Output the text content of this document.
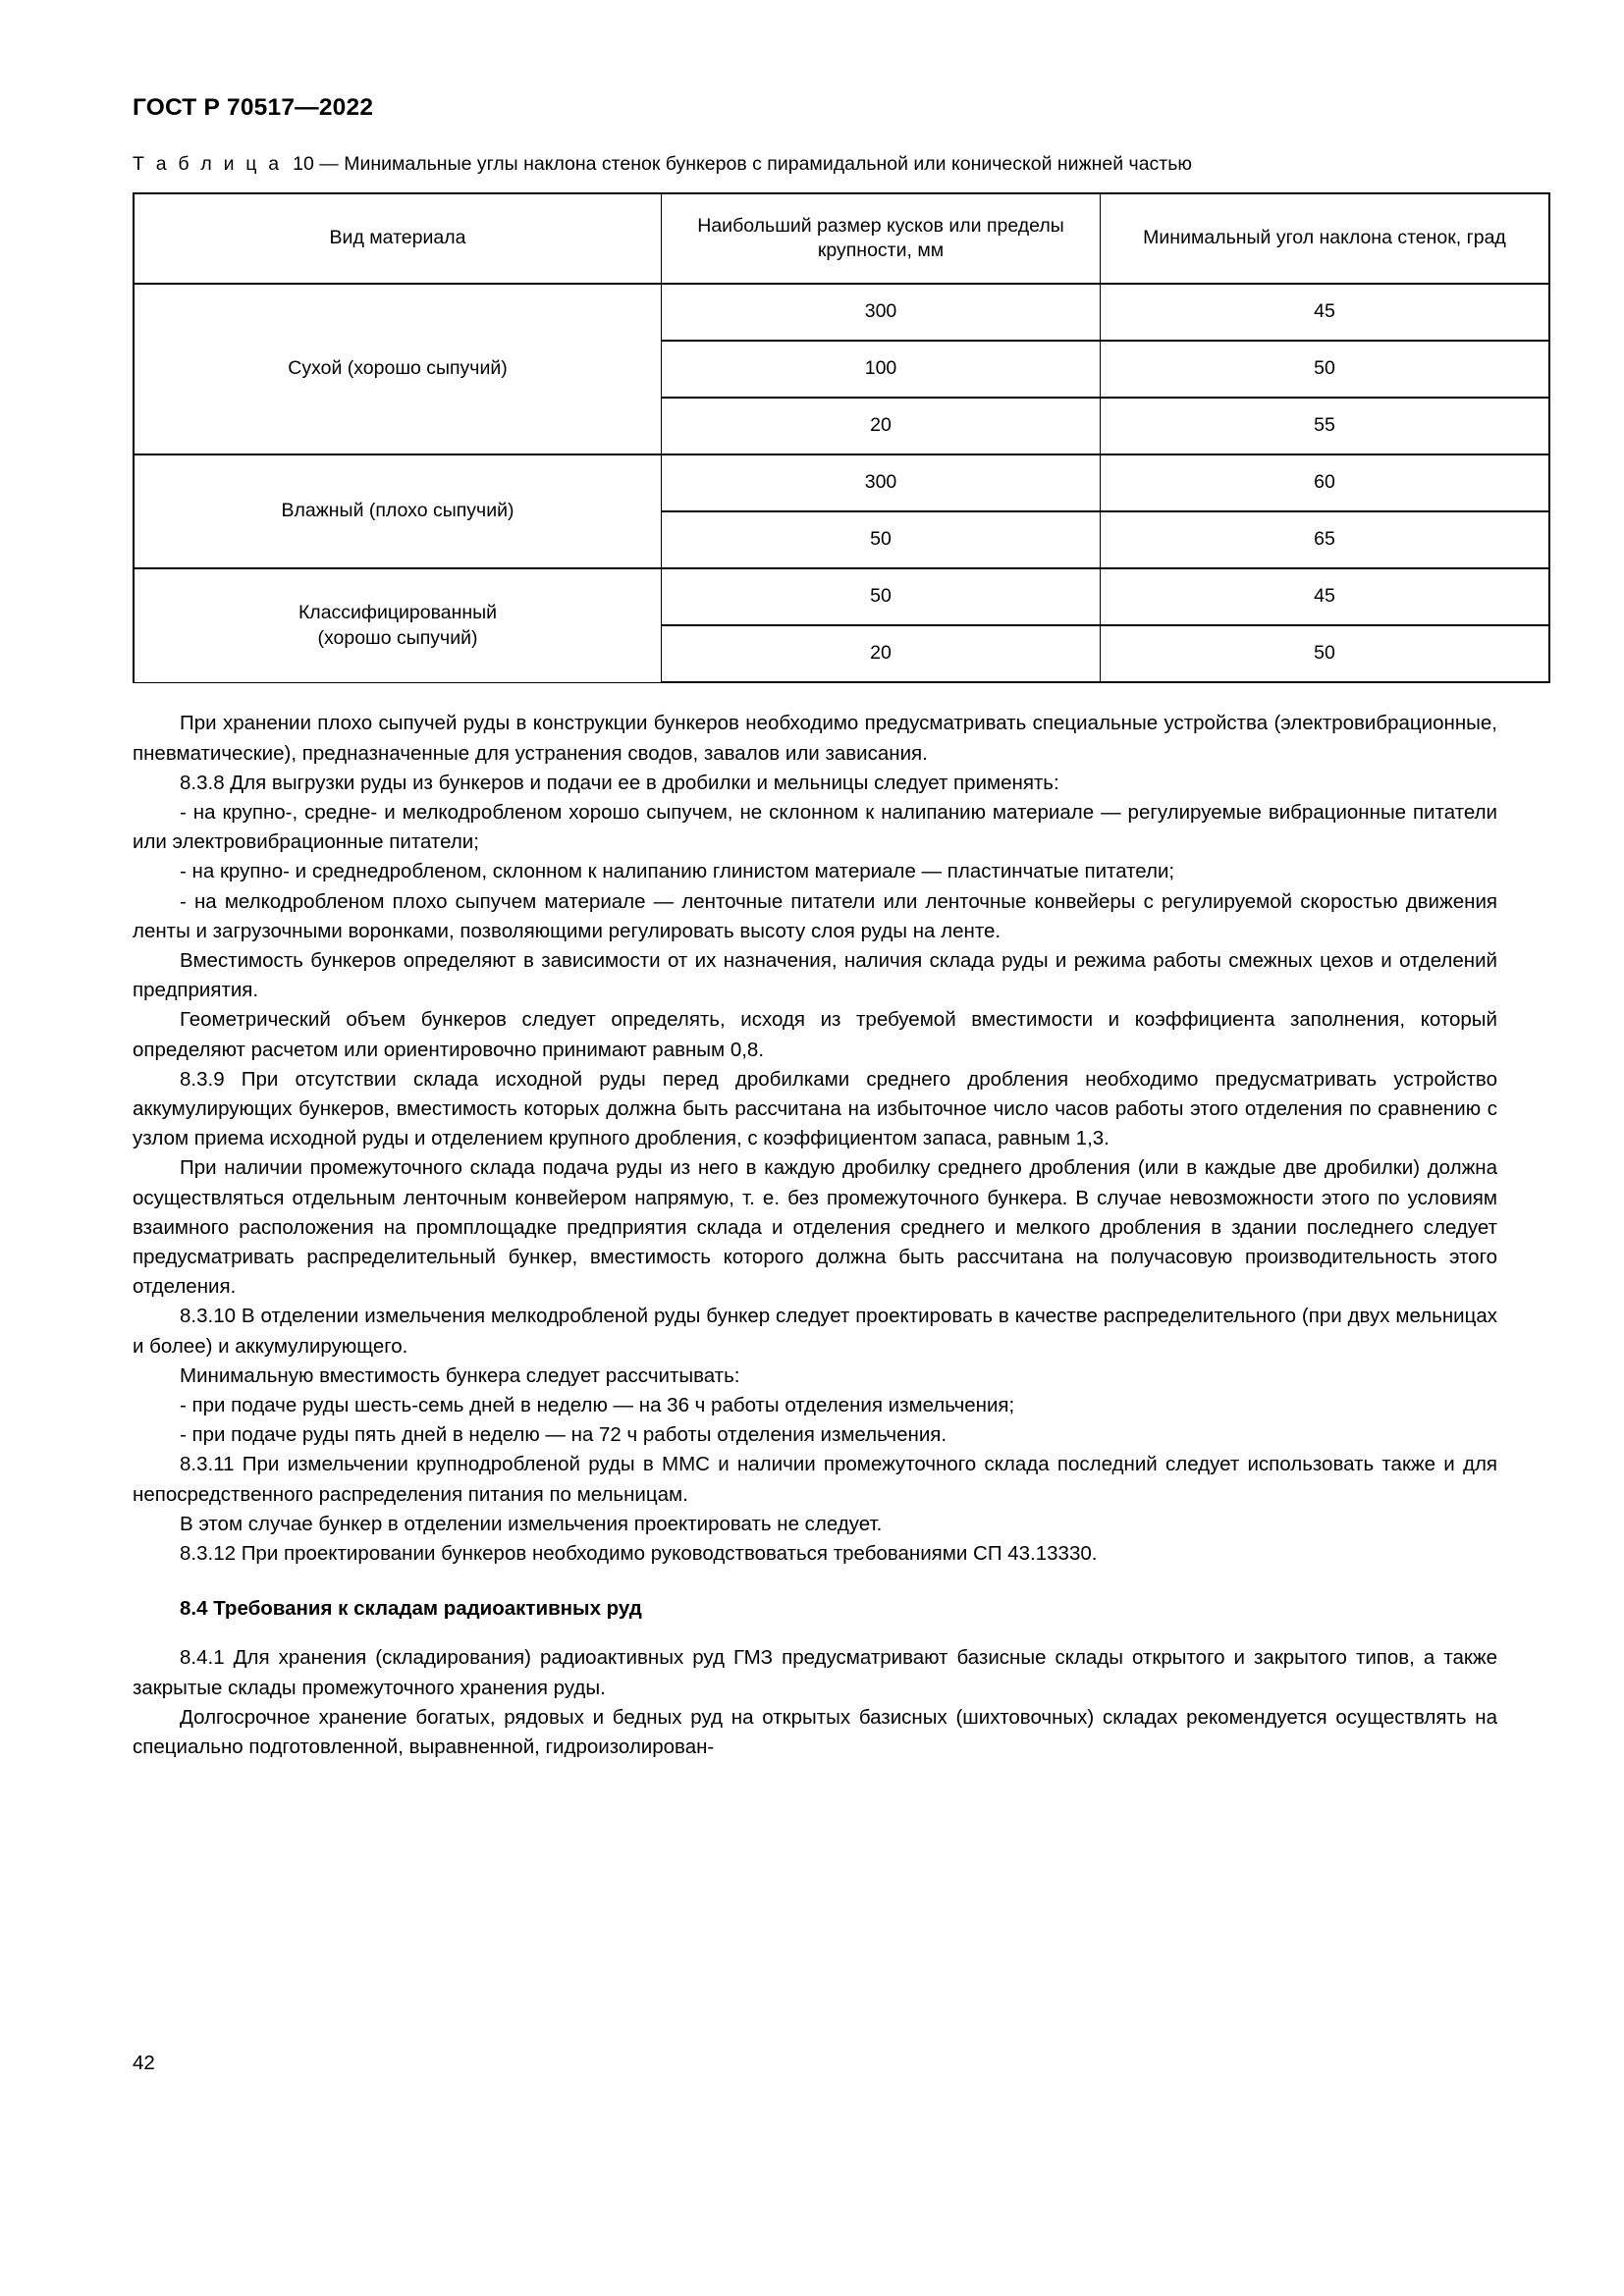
ГОСТ Р 70517—2022
Т а б л и ц а 10 — Минимальные углы наклона стенок бункеров с пирамидальной или конической нижней частью
Вид материала	Наибольший размер кусков или пределы крупности, мм	Минимальный угол наклона стенок, град
Сухой (хорошо сыпучий)	300	45
	100	50
	20	55
Влажный (плохо сыпучий)	300	60
	50	65
Классифицированный
(хорошо сыпучий)	50	45
	20	50

При хранении плохо сыпучей руды в конструкции бункеров необходимо предусматривать специальные устройства (электровибрационные, пневматические), предназначенные для устранения сводов, завалов или зависания.

8.3.8 Для выгрузки руды из бункеров и подачи ее в дробилки и мельницы следует применять:

- на крупно-, средне- и мелкодробленом хорошо сыпучем, не склонном к налипанию материале — регулируемые вибрационные питатели или электровибрационные питатели;

- на крупно- и среднедробленом, склонном к налипанию глинистом материале — пластинчатые питатели;

- на мелкодробленом плохо сыпучем материале — ленточные питатели или ленточные конвейеры с регулируемой скоростью движения ленты и загрузочными воронками, позволяющими регулировать высоту слоя руды на ленте.

Вместимость бункеров определяют в зависимости от их назначения, наличия склада руды и режима работы смежных цехов и отделений предприятия.

Геометрический объем бункеров следует определять, исходя из требуемой вместимости и коэффициента заполнения, который определяют расчетом или ориентировочно принимают равным 0,8.

8.3.9 При отсутствии склада исходной руды перед дробилками среднего дробления необходимо предусматривать устройство аккумулирующих бункеров, вместимость которых должна быть рассчитана на избыточное число часов работы этого отделения по сравнению с узлом приема исходной руды и отделением крупного дробления, с коэффициентом запаса, равным 1,3.

При наличии промежуточного склада подача руды из него в каждую дробилку среднего дробления (или в каждые две дробилки) должна осуществляться отдельным ленточным конвейером напрямую, т. е. без промежуточного бункера. В случае невозможности этого по условиям взаимного расположения на промплощадке предприятия склада и отделения среднего и мелкого дробления в здании последнего следует предусматривать распределительный бункер, вместимость которого должна быть рассчитана на получасовую производительность этого отделения.

8.3.10 В отделении измельчения мелкодробленой руды бункер следует проектировать в качестве распределительного (при двух мельницах и более) и аккумулирующего.

Минимальную вместимость бункера следует рассчитывать:

- при подаче руды шесть-семь дней в неделю — на 36 ч работы отделения измельчения;

- при подаче руды пять дней в неделю — на 72 ч работы отделения измельчения.

8.3.11 При измельчении крупнодробленой руды в ММС и наличии промежуточного склада последний следует использовать также и для непосредственного распределения питания по мельницам.

В этом случае бункер в отделении измельчения проектировать не следует.

8.3.12 При проектировании бункеров необходимо руководствоваться требованиями СП 43.13330.

8.4 Требования к складам радиоактивных руд

8.4.1 Для хранения (складирования) радиоактивных руд ГМЗ предусматривают базисные склады открытого и закрытого типов, а также закрытые склады промежуточного хранения руды.

Долгосрочное хранение богатых, рядовых и бедных руд на открытых базисных (шихтовочных) складах рекомендуется осуществлять на специально подготовленной, выравненной, гидроизолирован-

42
